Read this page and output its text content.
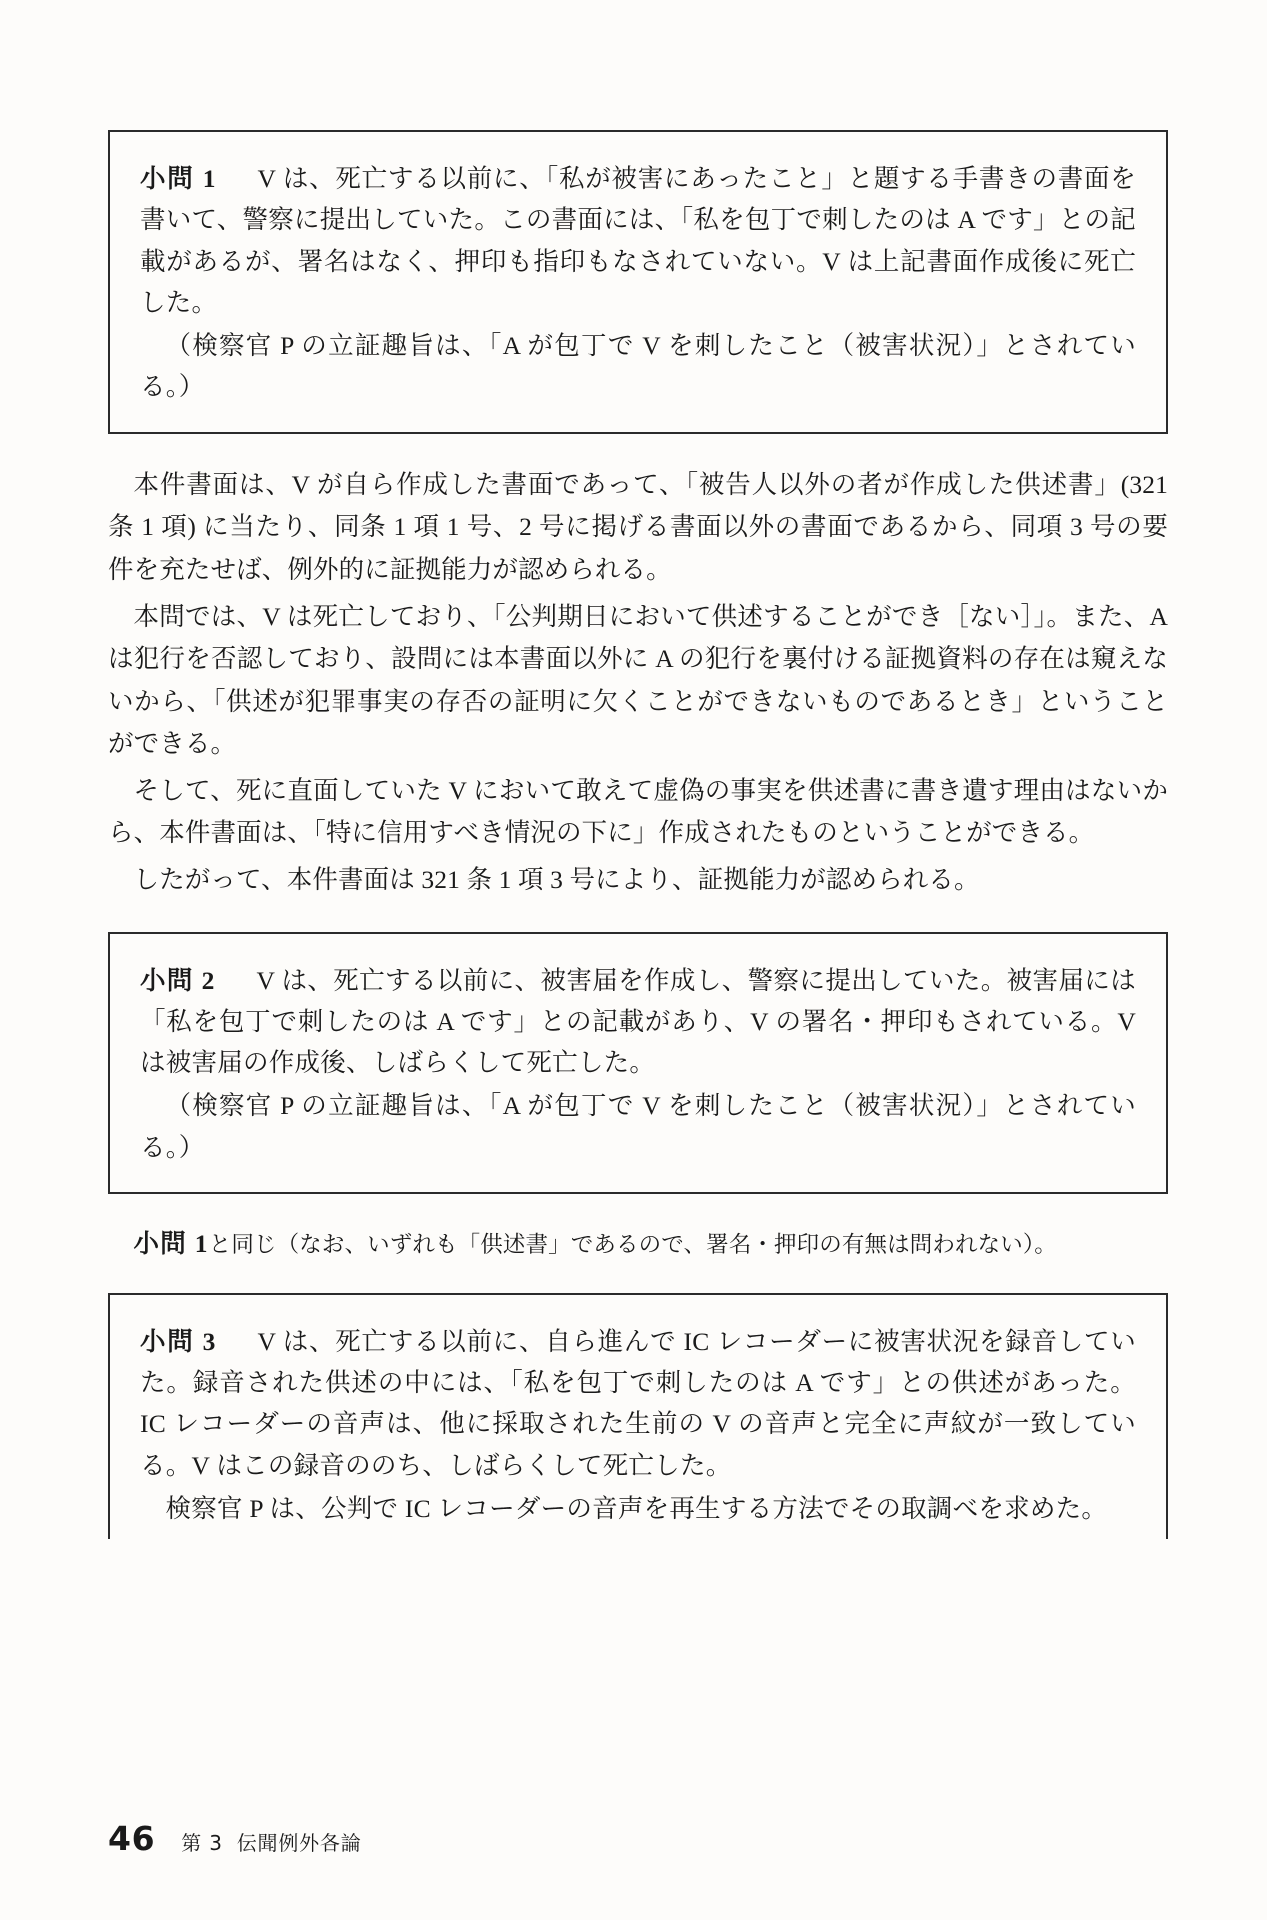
小問 1 V は、死亡する以前に、「私が被害にあったこと」と題する手書きの書面を書いて、警察に提出していた。この書面には、「私を包丁で刺したのは A です」との記載があるが、署名はなく、押印も指印もなされていない。V は上記書面作成後に死亡した。

（検察官 P の立証趣旨は、「A が包丁で V を刺したこと（被害状況）」とされている。）

本件書面は、V が自ら作成した書面であって、「被告人以外の者が作成した供述書」(321 条 1 項) に当たり、同条 1 項 1 号、2 号に掲げる書面以外の書面であるから、同項 3 号の要件を充たせば、例外的に証拠能力が認められる。

本問では、V は死亡しており、「公判期日において供述することができ［ない］」。また、A は犯行を否認しており、設問には本書面以外に A の犯行を裏付ける証拠資料の存在は窺えないから、「供述が犯罪事実の存否の証明に欠くことができないものであるとき」ということができる。

そして、死に直面していた V において敢えて虚偽の事実を供述書に書き遺す理由はないから、本件書面は、「特に信用すべき情況の下に」作成されたものということができる。

したがって、本件書面は 321 条 1 項 3 号により、証拠能力が認められる。

小問 2 V は、死亡する以前に、被害届を作成し、警察に提出していた。被害届には「私を包丁で刺したのは A です」との記載があり、V の署名・押印もされている。V は被害届の作成後、しばらくして死亡した。

（検察官 P の立証趣旨は、「A が包丁で V を刺したこと（被害状況）」とされている。）

小問 1と同じ（なお、いずれも「供述書」であるので、署名・押印の有無は問われない）。

小問 3 V は、死亡する以前に、自ら進んで IC レコーダーに被害状況を録音していた。録音された供述の中には、「私を包丁で刺したのは A です」との供述があった。IC レコーダーの音声は、他に採取された生前の V の音声と完全に声紋が一致している。V はこの録音ののち、しばらくして死亡した。

検察官 P は、公判で IC レコーダーの音声を再生する方法でその取調べを求めた。

46 第 3 伝聞例外各論
